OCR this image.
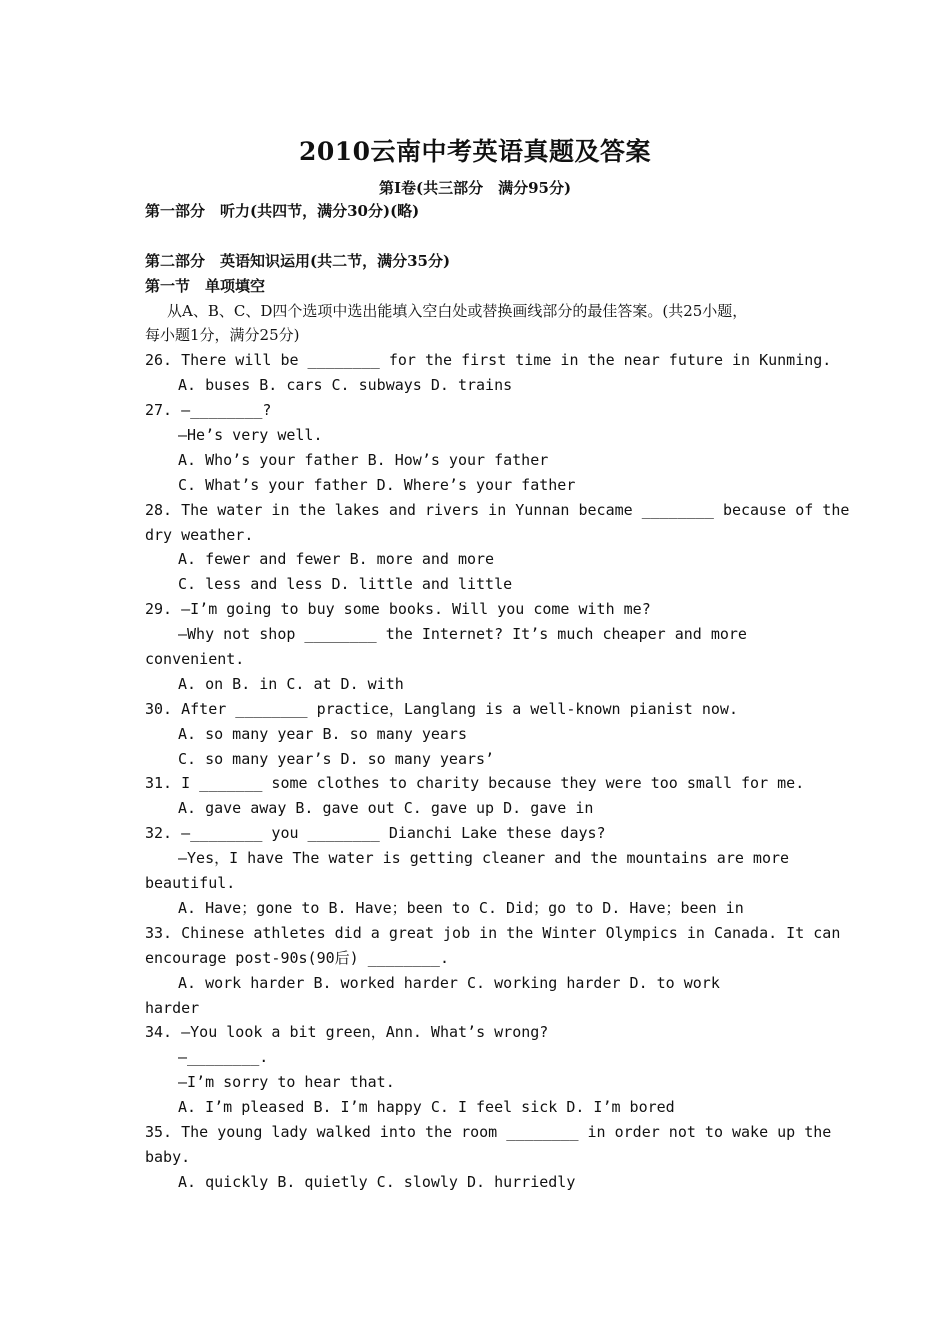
2010云南中考英语真题及答案
第Ⅰ卷(共三部分　满分95分)
第一部分　听力(共四节，满分30分)(略)
第二部分　英语知识运用(共二节，满分35分)
第一节　单项填空
从A、B、C、D四个选项中选出能填入空白处或替换画线部分的最佳答案。(共25小题，
每小题1分，满分25分)
26. There will be ________ for the first time in the near future in Kunming.
A. buses B. cars C. subways D. trains
27. —________?
—He’s very well.
A. Who’s your father B. How’s your father
C. What’s your father D. Where’s your father
28. The water in the lakes and rivers in Yunnan became ________ because of the
dry weather.
A. fewer and fewer B. more and more
C. less and less D. little and little
29. —I’m going to buy some books. Will you come with me?
—Why not shop ________ the Internet? It’s much cheaper and more
convenient.
A. on B. in C. at D. with
30. After ________ practice，Langlang is a well-known pianist now.
A. so many year B. so many years
C. so many year’s D. so many years’
31. I _______ some clothes to charity because they were too small for me.
A. gave away B. gave out C. gave up D. gave in
32. —________ you ________ Dianchi Lake these days?
—Yes，I have The water is getting cleaner and the mountains are more
beautiful.
A. Have；gone to B. Have；been to C. Did；go to D. Have；been in
33. Chinese athletes did a great job in the Winter Olympics in Canada. It can
encourage post-90s(90后) ________.
A. work harder B. worked harder C. working harder D. to work
harder
34. —You look a bit green，Ann. What’s wrong?
—________.
—I’m sorry to hear that.
A. I’m pleased B. I’m happy C. I feel sick D. I’m bored
35. The young lady walked into the room ________ in order not to wake up the
baby.
A. quickly B. quietly C. slowly D. hurriedly
